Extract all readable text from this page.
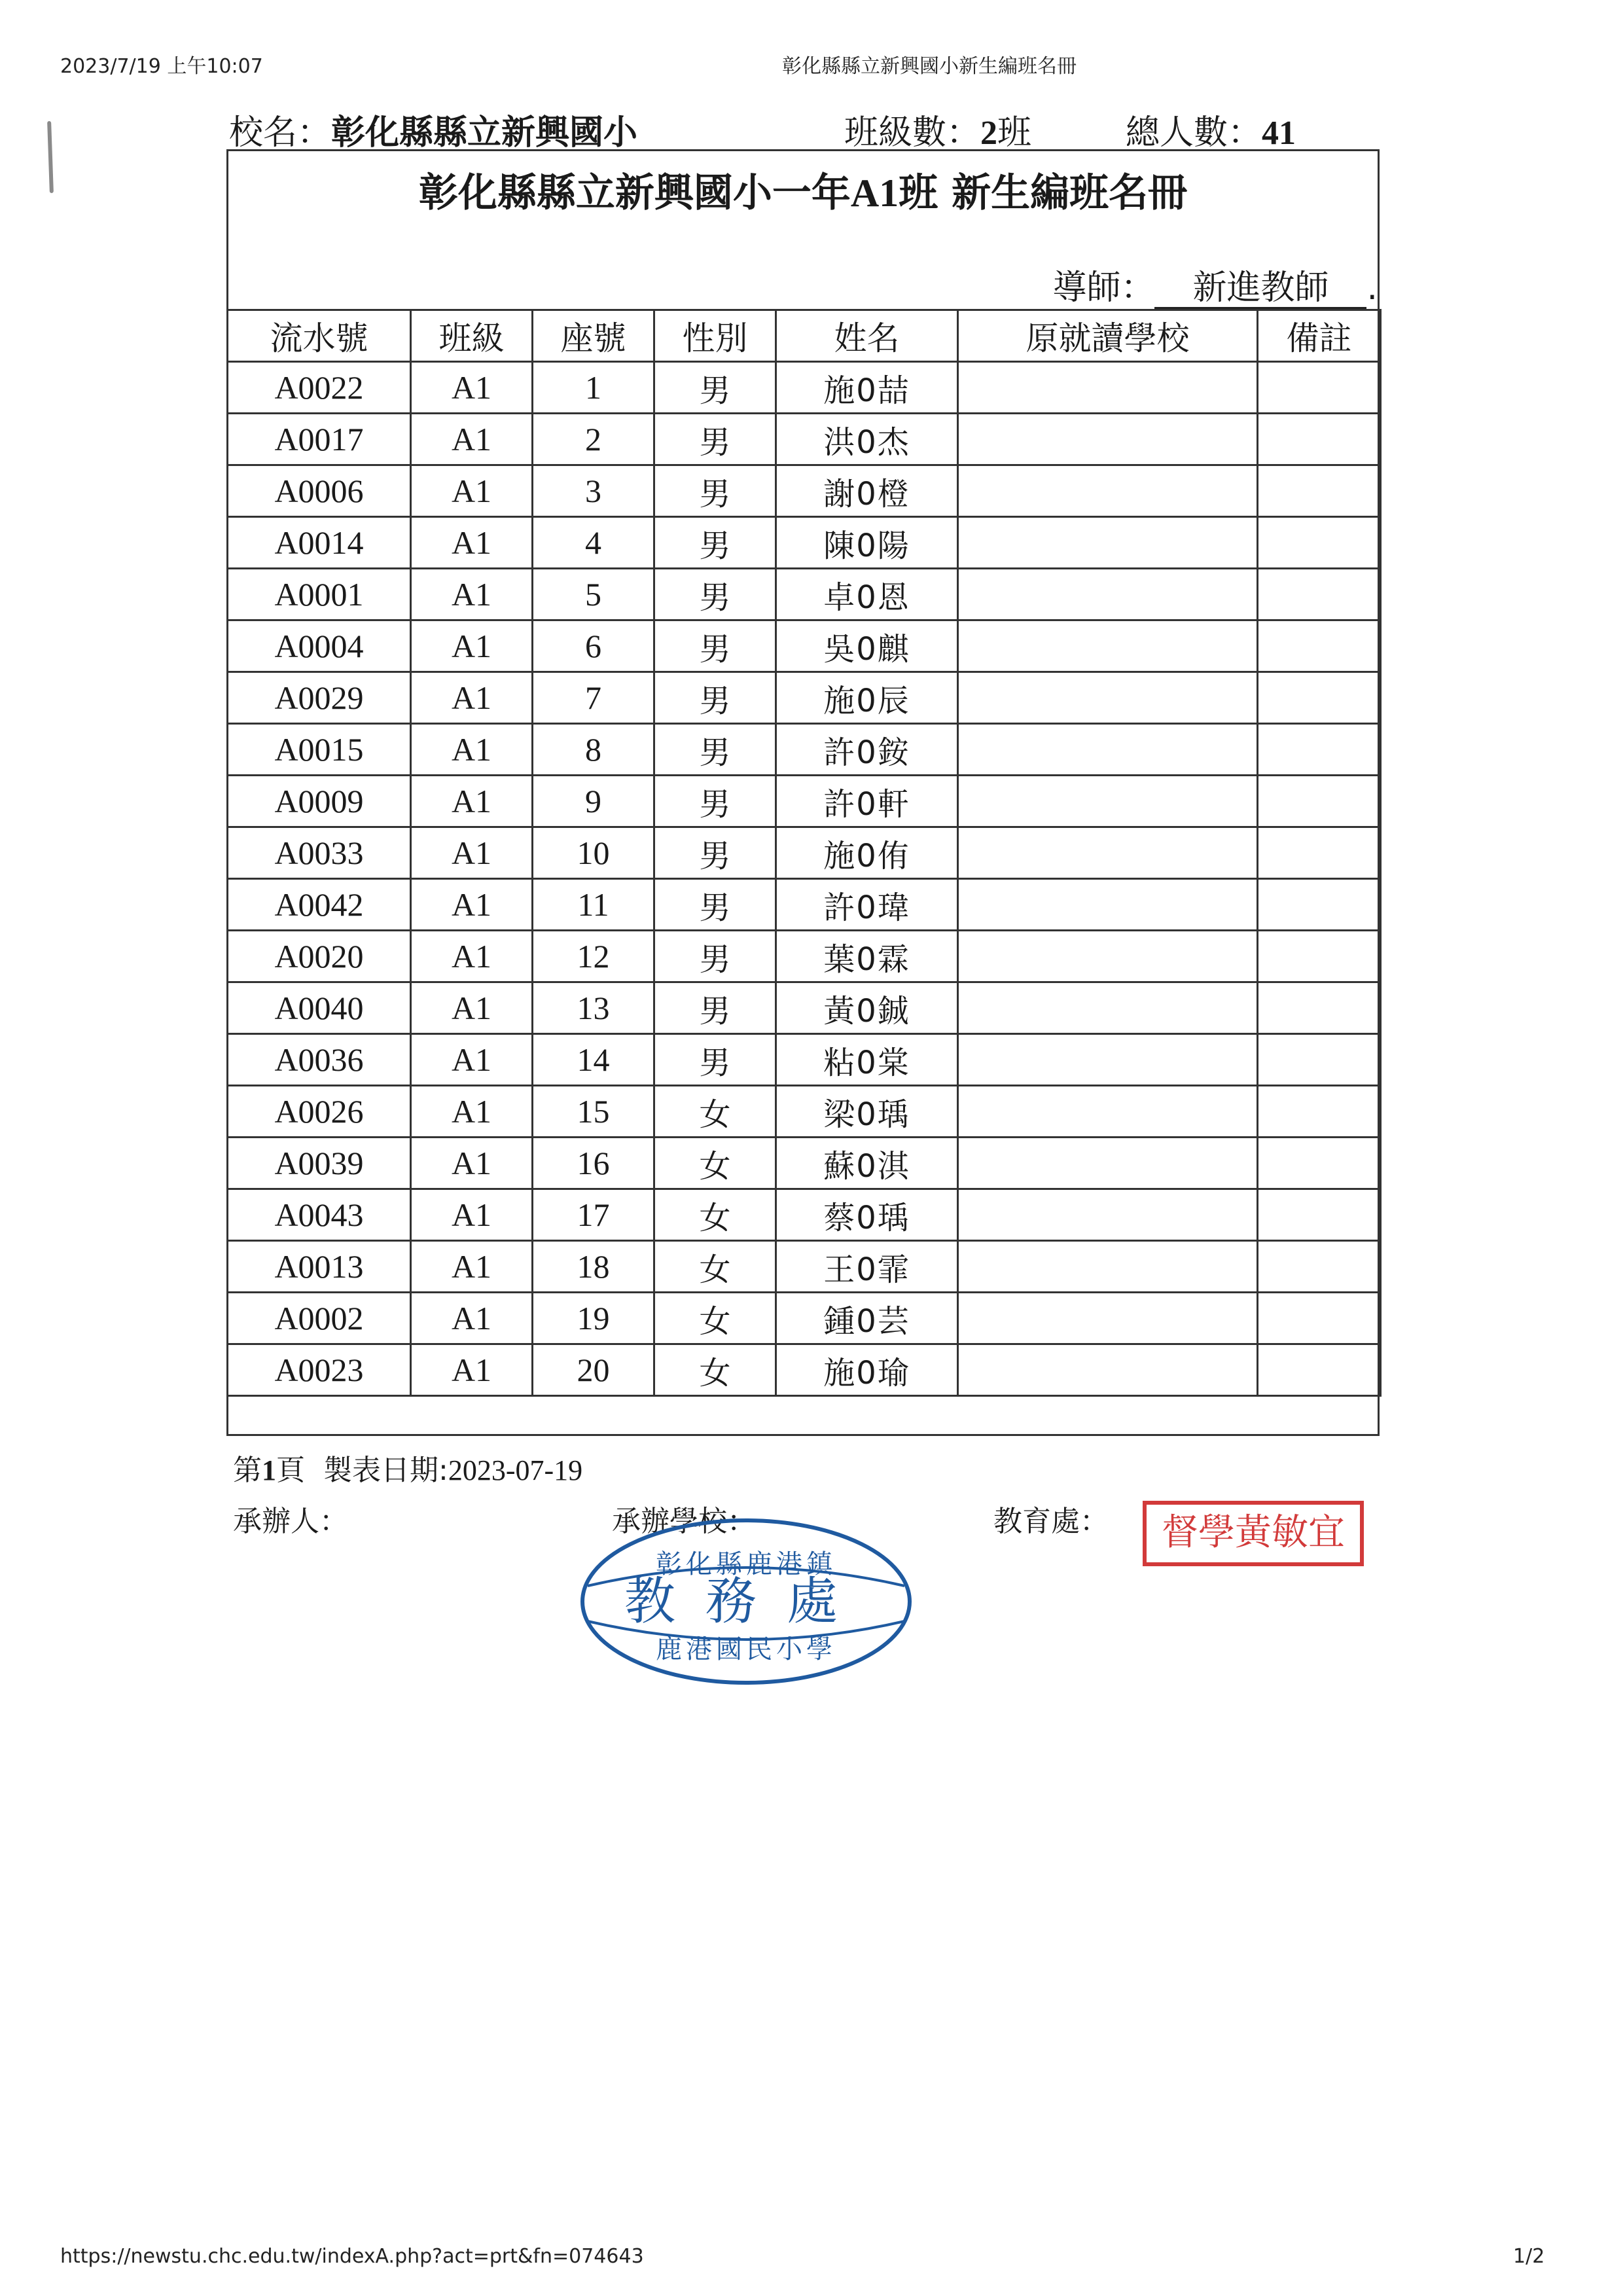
2023/7/19 上午10:07	彰化縣縣立新興國小新生編班名冊
校名：彰化縣縣立新興國小	班級數：2班	總人數：41
彰化縣縣立新興國小一年A1班 新生編班名冊
導師： 新進教師 .
流水號	班級	座號	性別	姓名	原就讀學校	備註
A0022	A1	1	男	施0喆		
A0017	A1	2	男	洪0杰		
A0006	A1	3	男	謝0橙		
A0014	A1	4	男	陳0陽		
A0001	A1	5	男	卓0恩		
A0004	A1	6	男	吳0麒		
A0029	A1	7	男	施0辰		
A0015	A1	8	男	許0銨		
A0009	A1	9	男	許0軒		
A0033	A1	10	男	施0侑		
A0042	A1	11	男	許0瑋		
A0020	A1	12	男	葉0霖		
A0040	A1	13	男	黃0鋮		
A0036	A1	14	男	粘0棠		
A0026	A1	15	女	梁0瑀		
A0039	A1	16	女	蘇0淇		
A0043	A1	17	女	蔡0瑀		
A0013	A1	18	女	王0霏		
A0002	A1	19	女	鍾0芸		
A0023	A1	20	女	施0瑜		
第1頁 製表日期:2023-07-19
承辦人：	承辦學校：	教育處：
彰化縣鹿港鎮
教務處
鹿港國民小學
督學黃敏宜
https://newstu.chc.edu.tw/indexA.php?act=prt&fn=074643	1/2
